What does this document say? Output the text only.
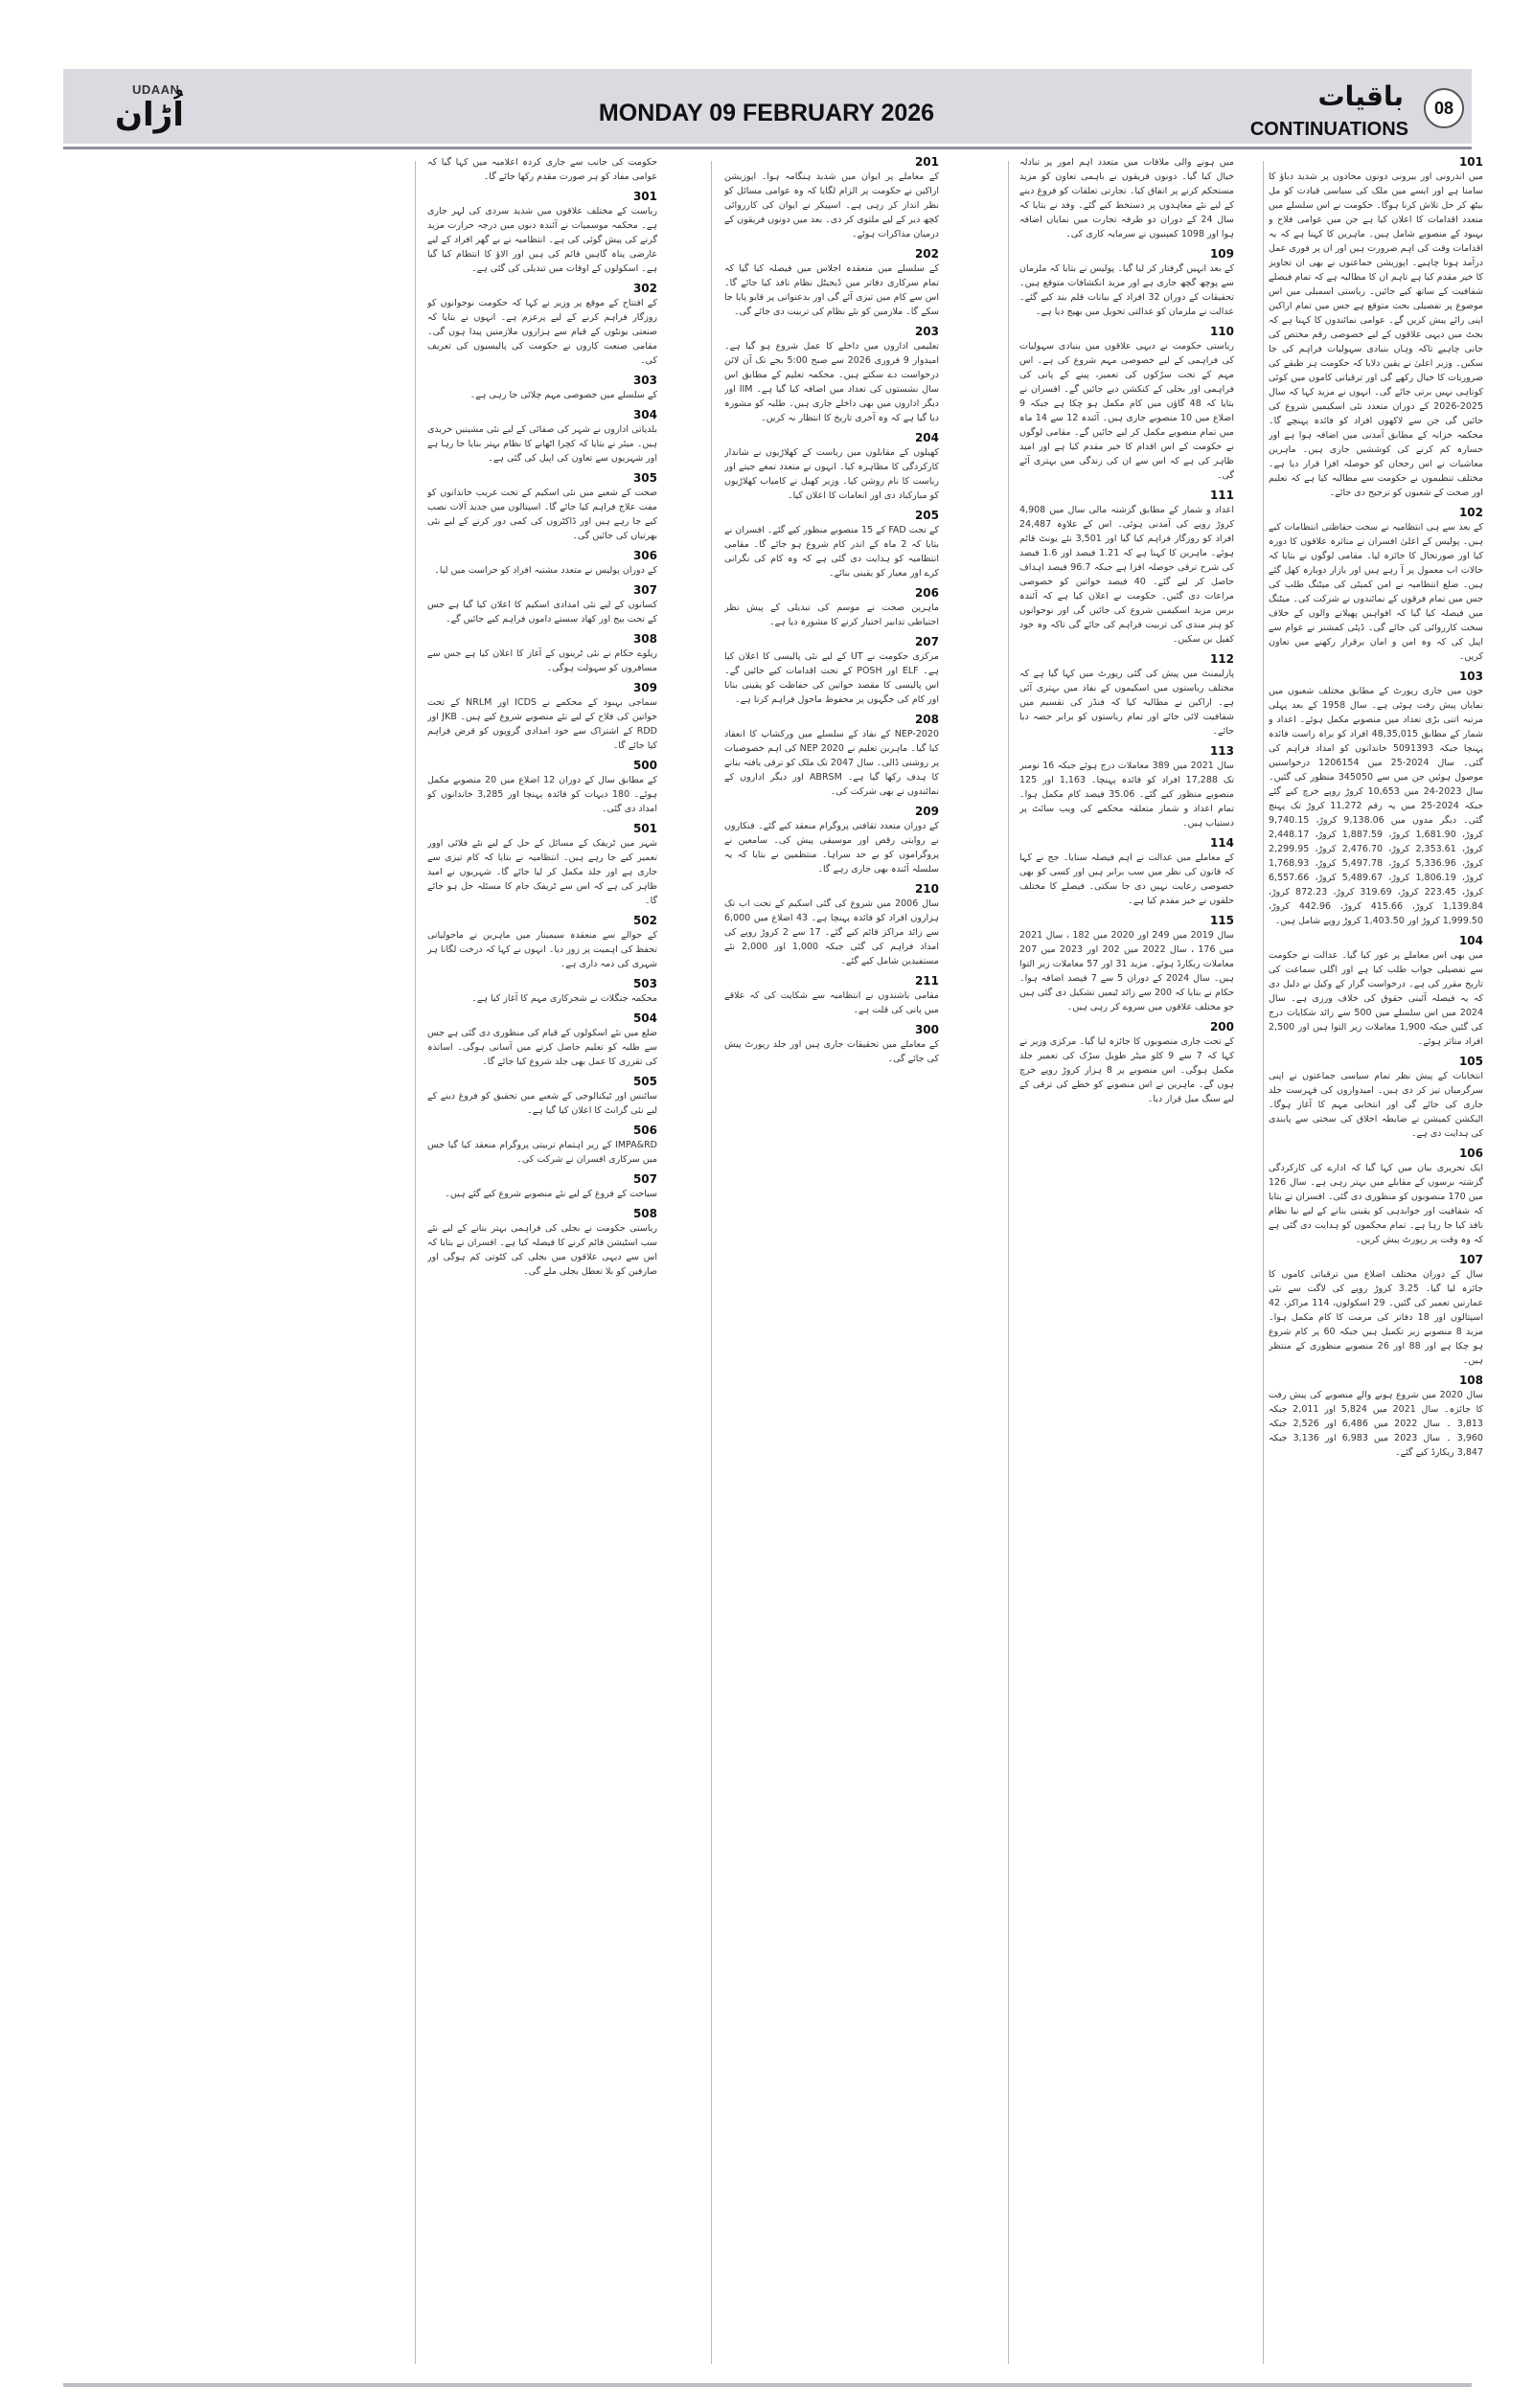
UDAAN
اُڑان	MONDAY 09 FEBRUARY 2026
باقیات
CONTINUATIONS
08
101

میں اندرونی اور بیرونی دونوں محاذوں پر شدید دباؤ کا سامنا ہے اور ایسے میں ملک کی سیاسی قیادت کو مل بیٹھ کر حل تلاش کرنا ہوگا۔ حکومت نے اس سلسلے میں متعدد اقدامات کا اعلان کیا ہے جن میں عوامی فلاح و بہبود کے منصوبے شامل ہیں۔ ماہرین کا کہنا ہے کہ یہ اقدامات وقت کی اہم ضرورت ہیں اور ان پر فوری عمل درآمد ہونا چاہیے۔ اپوزیشن جماعتوں نے بھی ان تجاویز کا خیر مقدم کیا ہے تاہم ان کا مطالبہ ہے کہ تمام فیصلے شفافیت کے ساتھ کیے جائیں۔ ریاستی اسمبلی میں اس موضوع پر تفصیلی بحث متوقع ہے جس میں تمام اراکین اپنی رائے پیش کریں گے۔ عوامی نمائندوں کا کہنا ہے کہ بجٹ میں دیہی علاقوں کے لیے خصوصی رقم مختص کی جانی چاہیے تاکہ وہاں بنیادی سہولیات فراہم کی جا سکیں۔ وزیر اعلیٰ نے یقین دلایا کہ حکومت ہر طبقے کی ضروریات کا خیال رکھے گی اور ترقیاتی کاموں میں کوئی کوتاہی نہیں برتی جائے گی۔ انہوں نے مزید کہا کہ سال 2025-2026 کے دوران متعدد نئی اسکیمیں شروع کی جائیں گی جن سے لاکھوں افراد کو فائدہ پہنچے گا۔ محکمہ خزانہ کے مطابق آمدنی میں اضافہ ہوا ہے اور خسارہ کم کرنے کی کوششیں جاری ہیں۔ ماہرین معاشیات نے اس رجحان کو حوصلہ افزا قرار دیا ہے۔ مختلف تنظیموں نے حکومت سے مطالبہ کیا ہے کہ تعلیم اور صحت کے شعبوں کو ترجیح دی جائے۔

102

کے بعد سے ہی انتظامیہ نے سخت حفاظتی انتظامات کیے ہیں۔ پولیس کے اعلیٰ افسران نے متاثرہ علاقوں کا دورہ کیا اور صورتحال کا جائزہ لیا۔ مقامی لوگوں نے بتایا کہ حالات اب معمول پر آ رہے ہیں اور بازار دوبارہ کھل گئے ہیں۔ ضلع انتظامیہ نے امن کمیٹی کی میٹنگ طلب کی جس میں تمام فرقوں کے نمائندوں نے شرکت کی۔ میٹنگ میں فیصلہ کیا گیا کہ افواہیں پھیلانے والوں کے خلاف سخت کارروائی کی جائے گی۔ ڈپٹی کمشنر نے عوام سے اپیل کی کہ وہ امن و امان برقرار رکھنے میں تعاون کریں۔

103

جون میں جاری رپورٹ کے مطابق مختلف شعبوں میں نمایاں پیش رفت ہوئی ہے۔ سال 1958 کے بعد پہلی مرتبہ اتنی بڑی تعداد میں منصوبے مکمل ہوئے۔ اعداد و شمار کے مطابق 48,35,015 افراد کو براہ راست فائدہ پہنچا جبکہ 5091393 خاندانوں کو امداد فراہم کی گئی۔ سال 2024-25 میں 1206154 درخواستیں موصول ہوئیں جن میں سے 345050 منظور کی گئیں۔ سال 2023-24 میں 10,653 کروڑ روپے خرچ کیے گئے جبکہ 2024-25 میں یہ رقم 11,272 کروڑ تک پہنچ گئی۔ دیگر مدوں میں 9,138.06 کروڑ، 9,740.15 کروڑ، 1,681.90 کروڑ، 1,887.59 کروڑ، 2,448.17 کروڑ، 2,353.61 کروڑ، 2,476.70 کروڑ، 2,299.95 کروڑ، 5,336.96 کروڑ، 5,497.78 کروڑ، 1,768.93 کروڑ، 1,806.19 کروڑ، 5,489.67 کروڑ، 6,557.66 کروڑ، 223.45 کروڑ، 319.69 کروڑ، 872.23 کروڑ، 1,139.84 کروڑ، 415.66 کروڑ، 442.96 کروڑ، 1,999.50 کروڑ اور 1,403.50 کروڑ روپے شامل ہیں۔

104

میں بھی اس معاملے پر غور کیا گیا۔ عدالت نے حکومت سے تفصیلی جواب طلب کیا ہے اور اگلی سماعت کی تاریخ مقرر کی ہے۔ درخواست گزار کے وکیل نے دلیل دی کہ یہ فیصلہ آئینی حقوق کی خلاف ورزی ہے۔ سال 2024 میں اس سلسلے میں 500 سے زائد شکایات درج کی گئیں جبکہ 1,900 معاملات زیر التوا ہیں اور 2,500 افراد متاثر ہوئے۔

105

انتخابات کے پیش نظر تمام سیاسی جماعتوں نے اپنی سرگرمیاں تیز کر دی ہیں۔ امیدواروں کی فہرست جلد جاری کی جائے گی اور انتخابی مہم کا آغاز ہوگا۔ الیکشن کمیشن نے ضابطہ اخلاق کی سختی سے پابندی کی ہدایت دی ہے۔

106

ایک تحریری بیان میں کہا گیا کہ ادارے کی کارکردگی گزشتہ برسوں کے مقابلے میں بہتر رہی ہے۔ سال 126 میں 170 منصوبوں کو منظوری دی گئی۔ افسران نے بتایا کہ شفافیت اور جوابدہی کو یقینی بنانے کے لیے نیا نظام نافذ کیا جا رہا ہے۔ تمام محکموں کو ہدایت دی گئی ہے کہ وہ وقت پر رپورٹ پیش کریں۔

107

سال کے دوران مختلف اضلاع میں ترقیاتی کاموں کا جائزہ لیا گیا۔ 3.25 کروڑ روپے کی لاگت سے نئی عمارتیں تعمیر کی گئیں۔ 29 اسکولوں، 114 مراکز، 42 اسپتالوں اور 18 دفاتر کی مرمت کا کام مکمل ہوا۔ مزید 8 منصوبے زیر تکمیل ہیں جبکہ 60 پر کام شروع ہو چکا ہے اور 88 اور 26 منصوبے منظوری کے منتظر ہیں۔

108

سال 2020 میں شروع ہونے والے منصوبے کی پیش رفت کا جائزہ۔ سال 2021 میں 5,824 اور 2,011 جبکہ 3,813 ۔ سال 2022 میں 6,486 اور 2,526 جبکہ 3,960 ۔ سال 2023 میں 6,983 اور 3,136 جبکہ 3,847 ریکارڈ کیے گئے۔

میں ہونے والی ملاقات میں متعدد اہم امور پر تبادلہ خیال کیا گیا۔ دونوں فریقوں نے باہمی تعاون کو مزید مستحکم کرنے پر اتفاق کیا۔ تجارتی تعلقات کو فروغ دینے کے لیے نئے معاہدوں پر دستخط کیے گئے۔ وفد نے بتایا کہ سال 24 کے دوران دو طرفہ تجارت میں نمایاں اضافہ ہوا اور 1098 کمپنیوں نے سرمایہ کاری کی۔

109

کے بعد انہیں گرفتار کر لیا گیا۔ پولیس نے بتایا کہ ملزمان سے پوچھ گچھ جاری ہے اور مزید انکشافات متوقع ہیں۔ تحقیقات کے دوران 32 افراد کے بیانات قلم بند کیے گئے۔ عدالت نے ملزمان کو عدالتی تحویل میں بھیج دیا ہے۔

110

ریاستی حکومت نے دیہی علاقوں میں بنیادی سہولیات کی فراہمی کے لیے خصوصی مہم شروع کی ہے۔ اس مہم کے تحت سڑکوں کی تعمیر، پینے کے پانی کی فراہمی اور بجلی کے کنکشن دیے جائیں گے۔ افسران نے بتایا کہ 48 گاؤں میں کام مکمل ہو چکا ہے جبکہ 9 اضلاع میں 10 منصوبے جاری ہیں۔ آئندہ 12 سے 14 ماہ میں تمام منصوبے مکمل کر لیے جائیں گے۔ مقامی لوگوں نے حکومت کے اس اقدام کا خیر مقدم کیا ہے اور امید ظاہر کی ہے کہ اس سے ان کی زندگی میں بہتری آئے گی۔

111

اعداد و شمار کے مطابق گزشتہ مالی سال میں 4,908 کروڑ روپے کی آمدنی ہوئی۔ اس کے علاوہ 24,487 افراد کو روزگار فراہم کیا گیا اور 3,501 نئے یونٹ قائم ہوئے۔ ماہرین کا کہنا ہے کہ 1.21 فیصد اور 1.6 فیصد کی شرح ترقی حوصلہ افزا ہے جبکہ 96.7 فیصد اہداف حاصل کر لیے گئے۔ 40 فیصد خواتین کو خصوصی مراعات دی گئیں۔ حکومت نے اعلان کیا ہے کہ آئندہ برس مزید اسکیمیں شروع کی جائیں گی اور نوجوانوں کو ہنر مندی کی تربیت فراہم کی جائے گی تاکہ وہ خود کفیل بن سکیں۔

112

پارلیمنٹ میں پیش کی گئی رپورٹ میں کہا گیا ہے کہ مختلف ریاستوں میں اسکیموں کے نفاذ میں بہتری آئی ہے۔ اراکین نے مطالبہ کیا کہ فنڈز کی تقسیم میں شفافیت لائی جائے اور تمام ریاستوں کو برابر حصہ دیا جائے۔

113

سال 2021 میں 389 معاملات درج ہوئے جبکہ 16 نومبر تک 17,288 افراد کو فائدہ پہنچا۔ 1,163 اور 125 منصوبے منظور کیے گئے۔ 35.06 فیصد کام مکمل ہوا۔ تمام اعداد و شمار متعلقہ محکمے کی ویب سائٹ پر دستیاب ہیں۔

114

کے معاملے میں عدالت نے اہم فیصلہ سنایا۔ جج نے کہا کہ قانون کی نظر میں سب برابر ہیں اور کسی کو بھی خصوصی رعایت نہیں دی جا سکتی۔ فیصلے کا مختلف حلقوں نے خیر مقدم کیا ہے۔

115

سال 2019 میں 249 اور 2020 میں 182 ، سال 2021 میں 176 ، سال 2022 میں 202 اور 2023 میں 207 معاملات ریکارڈ ہوئے۔ مزید 31 اور 57 معاملات زیر التوا ہیں۔ سال 2024 کے دوران 5 سے 7 فیصد اضافہ ہوا۔ حکام نے بتایا کہ 200 سے زائد ٹیمیں تشکیل دی گئی ہیں جو مختلف علاقوں میں سروے کر رہی ہیں۔

200

کے تحت جاری منصوبوں کا جائزہ لیا گیا۔ مرکزی وزیر نے کہا کہ 7 سے 9 کلو میٹر طویل سڑک کی تعمیر جلد مکمل ہوگی۔ اس منصوبے پر 8 ہزار کروڑ روپے خرچ ہوں گے۔ ماہرین نے اس منصوبے کو خطے کی ترقی کے لیے سنگ میل قرار دیا۔

201

کے معاملے پر ایوان میں شدید ہنگامہ ہوا۔ اپوزیشن اراکین نے حکومت پر الزام لگایا کہ وہ عوامی مسائل کو نظر انداز کر رہی ہے۔ اسپیکر نے ایوان کی کارروائی کچھ دیر کے لیے ملتوی کر دی۔ بعد میں دونوں فریقوں کے درمیان مذاکرات ہوئے۔

202

کے سلسلے میں منعقدہ اجلاس میں فیصلہ کیا گیا کہ تمام سرکاری دفاتر میں ڈیجیٹل نظام نافذ کیا جائے گا۔ اس سے کام میں تیزی آئے گی اور بدعنوانی پر قابو پایا جا سکے گا۔ ملازمین کو نئے نظام کی تربیت دی جائے گی۔

203

تعلیمی اداروں میں داخلے کا عمل شروع ہو گیا ہے۔ امیدوار 9 فروری 2026 سے صبح 5:00 بجے تک آن لائن درخواست دے سکتے ہیں۔ محکمہ تعلیم کے مطابق اس سال نشستوں کی تعداد میں اضافہ کیا گیا ہے۔ IIM اور دیگر اداروں میں بھی داخلے جاری ہیں۔ طلبہ کو مشورہ دیا گیا ہے کہ وہ آخری تاریخ کا انتظار نہ کریں۔

204

کھیلوں کے مقابلوں میں ریاست کے کھلاڑیوں نے شاندار کارکردگی کا مظاہرہ کیا۔ انہوں نے متعدد تمغے جیتے اور ریاست کا نام روشن کیا۔ وزیر کھیل نے کامیاب کھلاڑیوں کو مبارکباد دی اور انعامات کا اعلان کیا۔

205

کے تحت FAD کے 15 منصوبے منظور کیے گئے۔ افسران نے بتایا کہ 2 ماہ کے اندر کام شروع ہو جائے گا۔ مقامی انتظامیہ کو ہدایت دی گئی ہے کہ وہ کام کی نگرانی کرے اور معیار کو یقینی بنائے۔

206

ماہرین صحت نے موسم کی تبدیلی کے پیش نظر احتیاطی تدابیر اختیار کرنے کا مشورہ دیا ہے۔

207

مرکزی حکومت نے UT کے لیے نئی پالیسی کا اعلان کیا ہے۔ ELF اور POSH کے تحت اقدامات کیے جائیں گے۔ اس پالیسی کا مقصد خواتین کی حفاظت کو یقینی بنانا اور کام کی جگہوں پر محفوظ ماحول فراہم کرنا ہے۔

208

NEP-2020 کے نفاذ کے سلسلے میں ورکشاپ کا انعقاد کیا گیا۔ ماہرین تعلیم نے NEP 2020 کی اہم خصوصیات پر روشنی ڈالی۔ سال 2047 تک ملک کو ترقی یافتہ بنانے کا ہدف رکھا گیا ہے۔ ABRSM اور دیگر اداروں کے نمائندوں نے بھی شرکت کی۔

209

کے دوران متعدد ثقافتی پروگرام منعقد کیے گئے۔ فنکاروں نے روایتی رقص اور موسیقی پیش کی۔ سامعین نے پروگراموں کو بے حد سراہا۔ منتظمین نے بتایا کہ یہ سلسلہ آئندہ بھی جاری رہے گا۔

210

سال 2006 میں شروع کی گئی اسکیم کے تحت اب تک ہزاروں افراد کو فائدہ پہنچا ہے۔ 43 اضلاع میں 6,000 سے زائد مراکز قائم کیے گئے۔ 17 سے 2 کروڑ روپے کی امداد فراہم کی گئی جبکہ 1,000 اور 2,000 نئے مستفیدین شامل کیے گئے۔

211

مقامی باشندوں نے انتظامیہ سے شکایت کی کہ علاقے میں پانی کی قلت ہے۔

300

کے معاملے میں تحقیقات جاری ہیں اور جلد رپورٹ پیش کی جائے گی۔

حکومت کی جانب سے جاری کردہ اعلامیہ میں کہا گیا کہ عوامی مفاد کو ہر صورت مقدم رکھا جائے گا۔

301

ریاست کے مختلف علاقوں میں شدید سردی کی لہر جاری ہے۔ محکمہ موسمیات نے آئندہ دنوں میں درجہ حرارت مزید گرنے کی پیش گوئی کی ہے۔ انتظامیہ نے بے گھر افراد کے لیے عارضی پناہ گاہیں قائم کی ہیں اور الاؤ کا انتظام کیا گیا ہے۔ اسکولوں کے اوقات میں تبدیلی کی گئی ہے۔

302

کے افتتاح کے موقع پر وزیر نے کہا کہ حکومت نوجوانوں کو روزگار فراہم کرنے کے لیے پرعزم ہے۔ انہوں نے بتایا کہ صنعتی یونٹوں کے قیام سے ہزاروں ملازمتیں پیدا ہوں گی۔ مقامی صنعت کاروں نے حکومت کی پالیسیوں کی تعریف کی۔

303

کے سلسلے میں خصوصی مہم چلائی جا رہی ہے۔

304

بلدیاتی اداروں نے شہر کی صفائی کے لیے نئی مشینیں خریدی ہیں۔ میئر نے بتایا کہ کچرا اٹھانے کا نظام بہتر بنایا جا رہا ہے اور شہریوں سے تعاون کی اپیل کی گئی ہے۔

305

صحت کے شعبے میں نئی اسکیم کے تحت غریب خاندانوں کو مفت علاج فراہم کیا جائے گا۔ اسپتالوں میں جدید آلات نصب کیے جا رہے ہیں اور ڈاکٹروں کی کمی دور کرنے کے لیے نئی بھرتیاں کی جائیں گی۔

306

کے دوران پولیس نے متعدد مشتبہ افراد کو حراست میں لیا۔

307

کسانوں کے لیے نئی امدادی اسکیم کا اعلان کیا گیا ہے جس کے تحت بیج اور کھاد سستے داموں فراہم کیے جائیں گے۔

308

ریلوے حکام نے نئی ٹرینوں کے آغاز کا اعلان کیا ہے جس سے مسافروں کو سہولت ہوگی۔

309

سماجی بہبود کے محکمے نے ICDS اور NRLM کے تحت خواتین کی فلاح کے لیے نئے منصوبے شروع کیے ہیں۔ JKB اور RDD کے اشتراک سے خود امدادی گروپوں کو قرض فراہم کیا جائے گا۔

500

کے مطابق سال کے دوران 12 اضلاع میں 20 منصوبے مکمل ہوئے۔ 180 دیہات کو فائدہ پہنچا اور 3,285 خاندانوں کو امداد دی گئی۔

501

شہر میں ٹریفک کے مسائل کے حل کے لیے نئے فلائی اوور تعمیر کیے جا رہے ہیں۔ انتظامیہ نے بتایا کہ کام تیزی سے جاری ہے اور جلد مکمل کر لیا جائے گا۔ شہریوں نے امید ظاہر کی ہے کہ اس سے ٹریفک جام کا مسئلہ حل ہو جائے گا۔

502

کے حوالے سے منعقدہ سیمینار میں ماہرین نے ماحولیاتی تحفظ کی اہمیت پر زور دیا۔ انہوں نے کہا کہ درخت لگانا ہر شہری کی ذمہ داری ہے۔

503

محکمہ جنگلات نے شجرکاری مہم کا آغاز کیا ہے۔

504

ضلع میں نئے اسکولوں کے قیام کی منظوری دی گئی ہے جس سے طلبہ کو تعلیم حاصل کرنے میں آسانی ہوگی۔ اساتذہ کی تقرری کا عمل بھی جلد شروع کیا جائے گا۔

505

سائنس اور ٹیکنالوجی کے شعبے میں تحقیق کو فروغ دینے کے لیے نئی گرانٹ کا اعلان کیا گیا ہے۔

506

IMPA&RD کے زیر اہتمام تربیتی پروگرام منعقد کیا گیا جس میں سرکاری افسران نے شرکت کی۔

507

سیاحت کے فروغ کے لیے نئے منصوبے شروع کیے گئے ہیں۔

508

ریاستی حکومت نے بجلی کی فراہمی بہتر بنانے کے لیے نئے سب اسٹیشن قائم کرنے کا فیصلہ کیا ہے۔ افسران نے بتایا کہ اس سے دیہی علاقوں میں بجلی کی کٹوتی کم ہوگی اور صارفین کو بلا تعطل بجلی ملے گی۔
